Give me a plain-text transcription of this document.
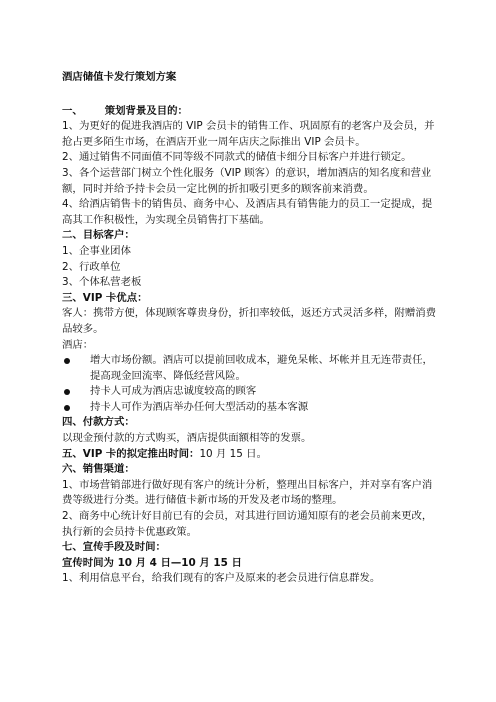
酒店储值卡发行策划方案

一、 策划背景及目的：

1、为更好的促进我酒店的 VIP 会员卡的销售工作、巩固原有的老客户及会员，并抢占更多陌生市场，在酒店开业一周年店庆之际推出 VIP 会员卡。

2、通过销售不同面值不同等级不同款式的储值卡细分目标客户并进行锁定。

3、各个运营部门树立个性化服务（VIP 顾客）的意识，增加酒店的知名度和营业额，同时并给予持卡会员一定比例的折扣吸引更多的顾客前来消费。

4、给酒店销售卡的销售员、商务中心、及酒店具有销售能力的员工一定提成，提高其工作积极性，为实现全员销售打下基础。

二、目标客户：

1、企事业团体

2、行政单位

3、个体私营老板

三、VIP 卡优点：

客人：携带方便，体现顾客尊贵身份，折扣率较低，返还方式灵活多样，附赠消费品较多。

酒店：

增大市场份额。酒店可以提前回收成本，避免呆帐、坏帐并且无连带责任，提高现金回流率、降低经营风险。
持卡人可成为酒店忠诚度较高的顾客
持卡人可作为酒店举办任何大型活动的基本客源

四、付款方式：

以现金预付款的方式购买，酒店提供面额相等的发票。

五、VIP 卡的拟定推出时间：10 月 15 日。

六、销售渠道：

1、市场营销部进行做好现有客户的统计分析，整理出目标客户，并对享有客户消费等级进行分类。进行储值卡新市场的开发及老市场的整理。

2、商务中心统计好目前已有的会员，对其进行回访通知原有的老会员前来更改，执行新的会员持卡优惠政策。

七、宣传手段及时间：

宣传时间为 10 月 4 日—10 月 15 日

1、利用信息平台，给我们现有的客户及原来的老会员进行信息群发。
